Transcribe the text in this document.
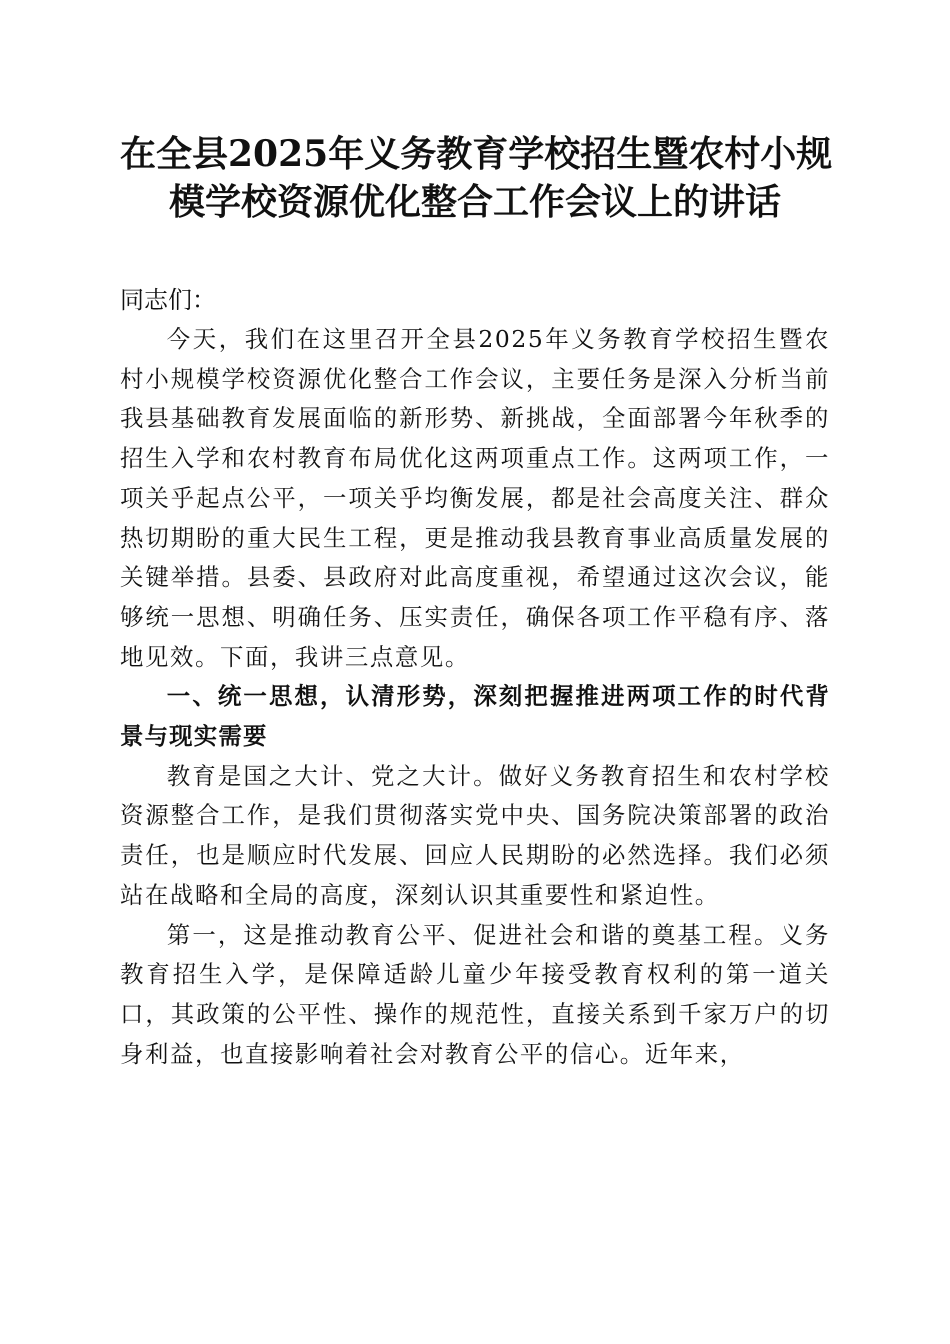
在全县2025年义务教育学校招生暨农村小规
模学校资源优化整合工作会议上的讲话

同志们：

今天，我们在这里召开全县2025年义务教育学校招生暨农村小规模学校资源优化整合工作会议，主要任务是深入分析当前我县基础教育发展面临的新形势、新挑战，全面部署今年秋季的招生入学和农村教育布局优化这两项重点工作。这两项工作，一项关乎起点公平，一项关乎均衡发展，都是社会高度关注、群众热切期盼的重大民生工程，更是推动我县教育事业高质量发展的关键举措。县委、县政府对此高度重视，希望通过这次会议，能够统一思想、明确任务、压实责任，确保各项工作平稳有序、落地见效。下面，我讲三点意见。

一、统一思想，认清形势，深刻把握推进两项工作的时代背景与现实需要

教育是国之大计、党之大计。做好义务教育招生和农村学校资源整合工作，是我们贯彻落实党中央、国务院决策部署的政治责任，也是顺应时代发展、回应人民期盼的必然选择。我们必须站在战略和全局的高度，深刻认识其重要性和紧迫性。

第一，这是推动教育公平、促进社会和谐的奠基工程。义务教育招生入学，是保障适龄儿童少年接受教育权利的第一道关口，其政策的公平性、操作的规范性，直接关系到千家万户的切身利益，也直接影响着社会对教育公平的信心。近年来，
